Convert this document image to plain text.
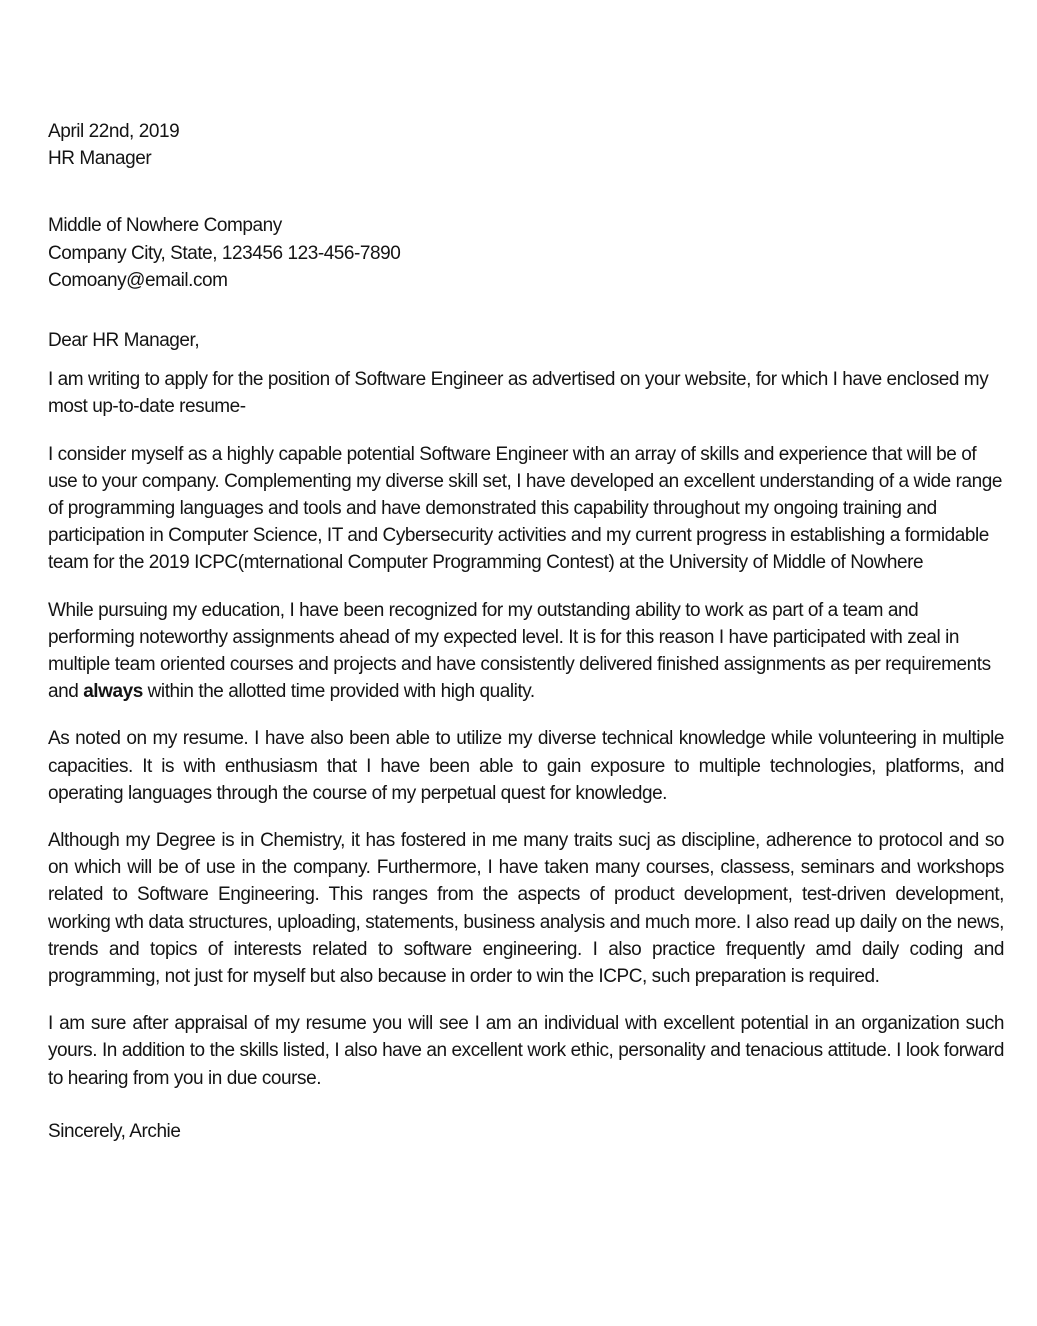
April 22nd, 2019

HR Manager

Middle of Nowhere Company

Company City, State, 123456 123-456-7890

Comoany@email.com

Dear HR Manager,

I am writing to apply for the position of Software Engineer as advertised on your website, for which I have enclosed my most up-to-date resume-

I consider myself as a highly capable potential Software Engineer with an array of skills and experience that will be of use to your company. Complementing my diverse skill set, I have developed an excellent understanding of a wide range of programming languages and tools and have demonstrated this capability throughout my ongoing training and participation in Computer Science, IT and Cybersecurity activities and my current progress in establishing a formidable team for the 2019 ICPC(mternational Computer Programming Contest) at the University of Middle of Nowhere

While pursuing my education, I have been recognized for my outstanding ability to work as part of a team and performing noteworthy assignments ahead of my expected level. It is for this reason I have participated with zeal in multiple team oriented courses and projects and have consistently delivered finished assignments as per requirements and always within the allotted time provided with high quality.

As noted on my resume. I have also been able to utilize my diverse technical knowledge while volunteering in multiple capacities. It is with enthusiasm that I have been able to gain exposure to multiple technologies, platforms, and operating languages through the course of my perpetual quest for knowledge.

Although my Degree is in Chemistry, it has fostered in me many traits sucj as discipline, adherence to protocol and so on which will be of use in the company. Furthermore, I have taken many courses, classess, seminars and workshops related to Software Engineering. This ranges from the aspects of product development, test-driven development, working wth data structures, uploading, statements, business analysis and much more. I also read up daily on the news, trends and topics of interests related to software engineering. I also practice frequently amd daily coding and programming, not just for myself but also because in order to win the ICPC, such preparation is required.

I am sure after appraisal of my resume you will see I am an individual with excellent potential in an organization such yours. In addition to the skills listed, I also have an excellent work ethic, personality and tenacious attitude. I look forward to hearing from you in due course.

Sincerely, Archie
